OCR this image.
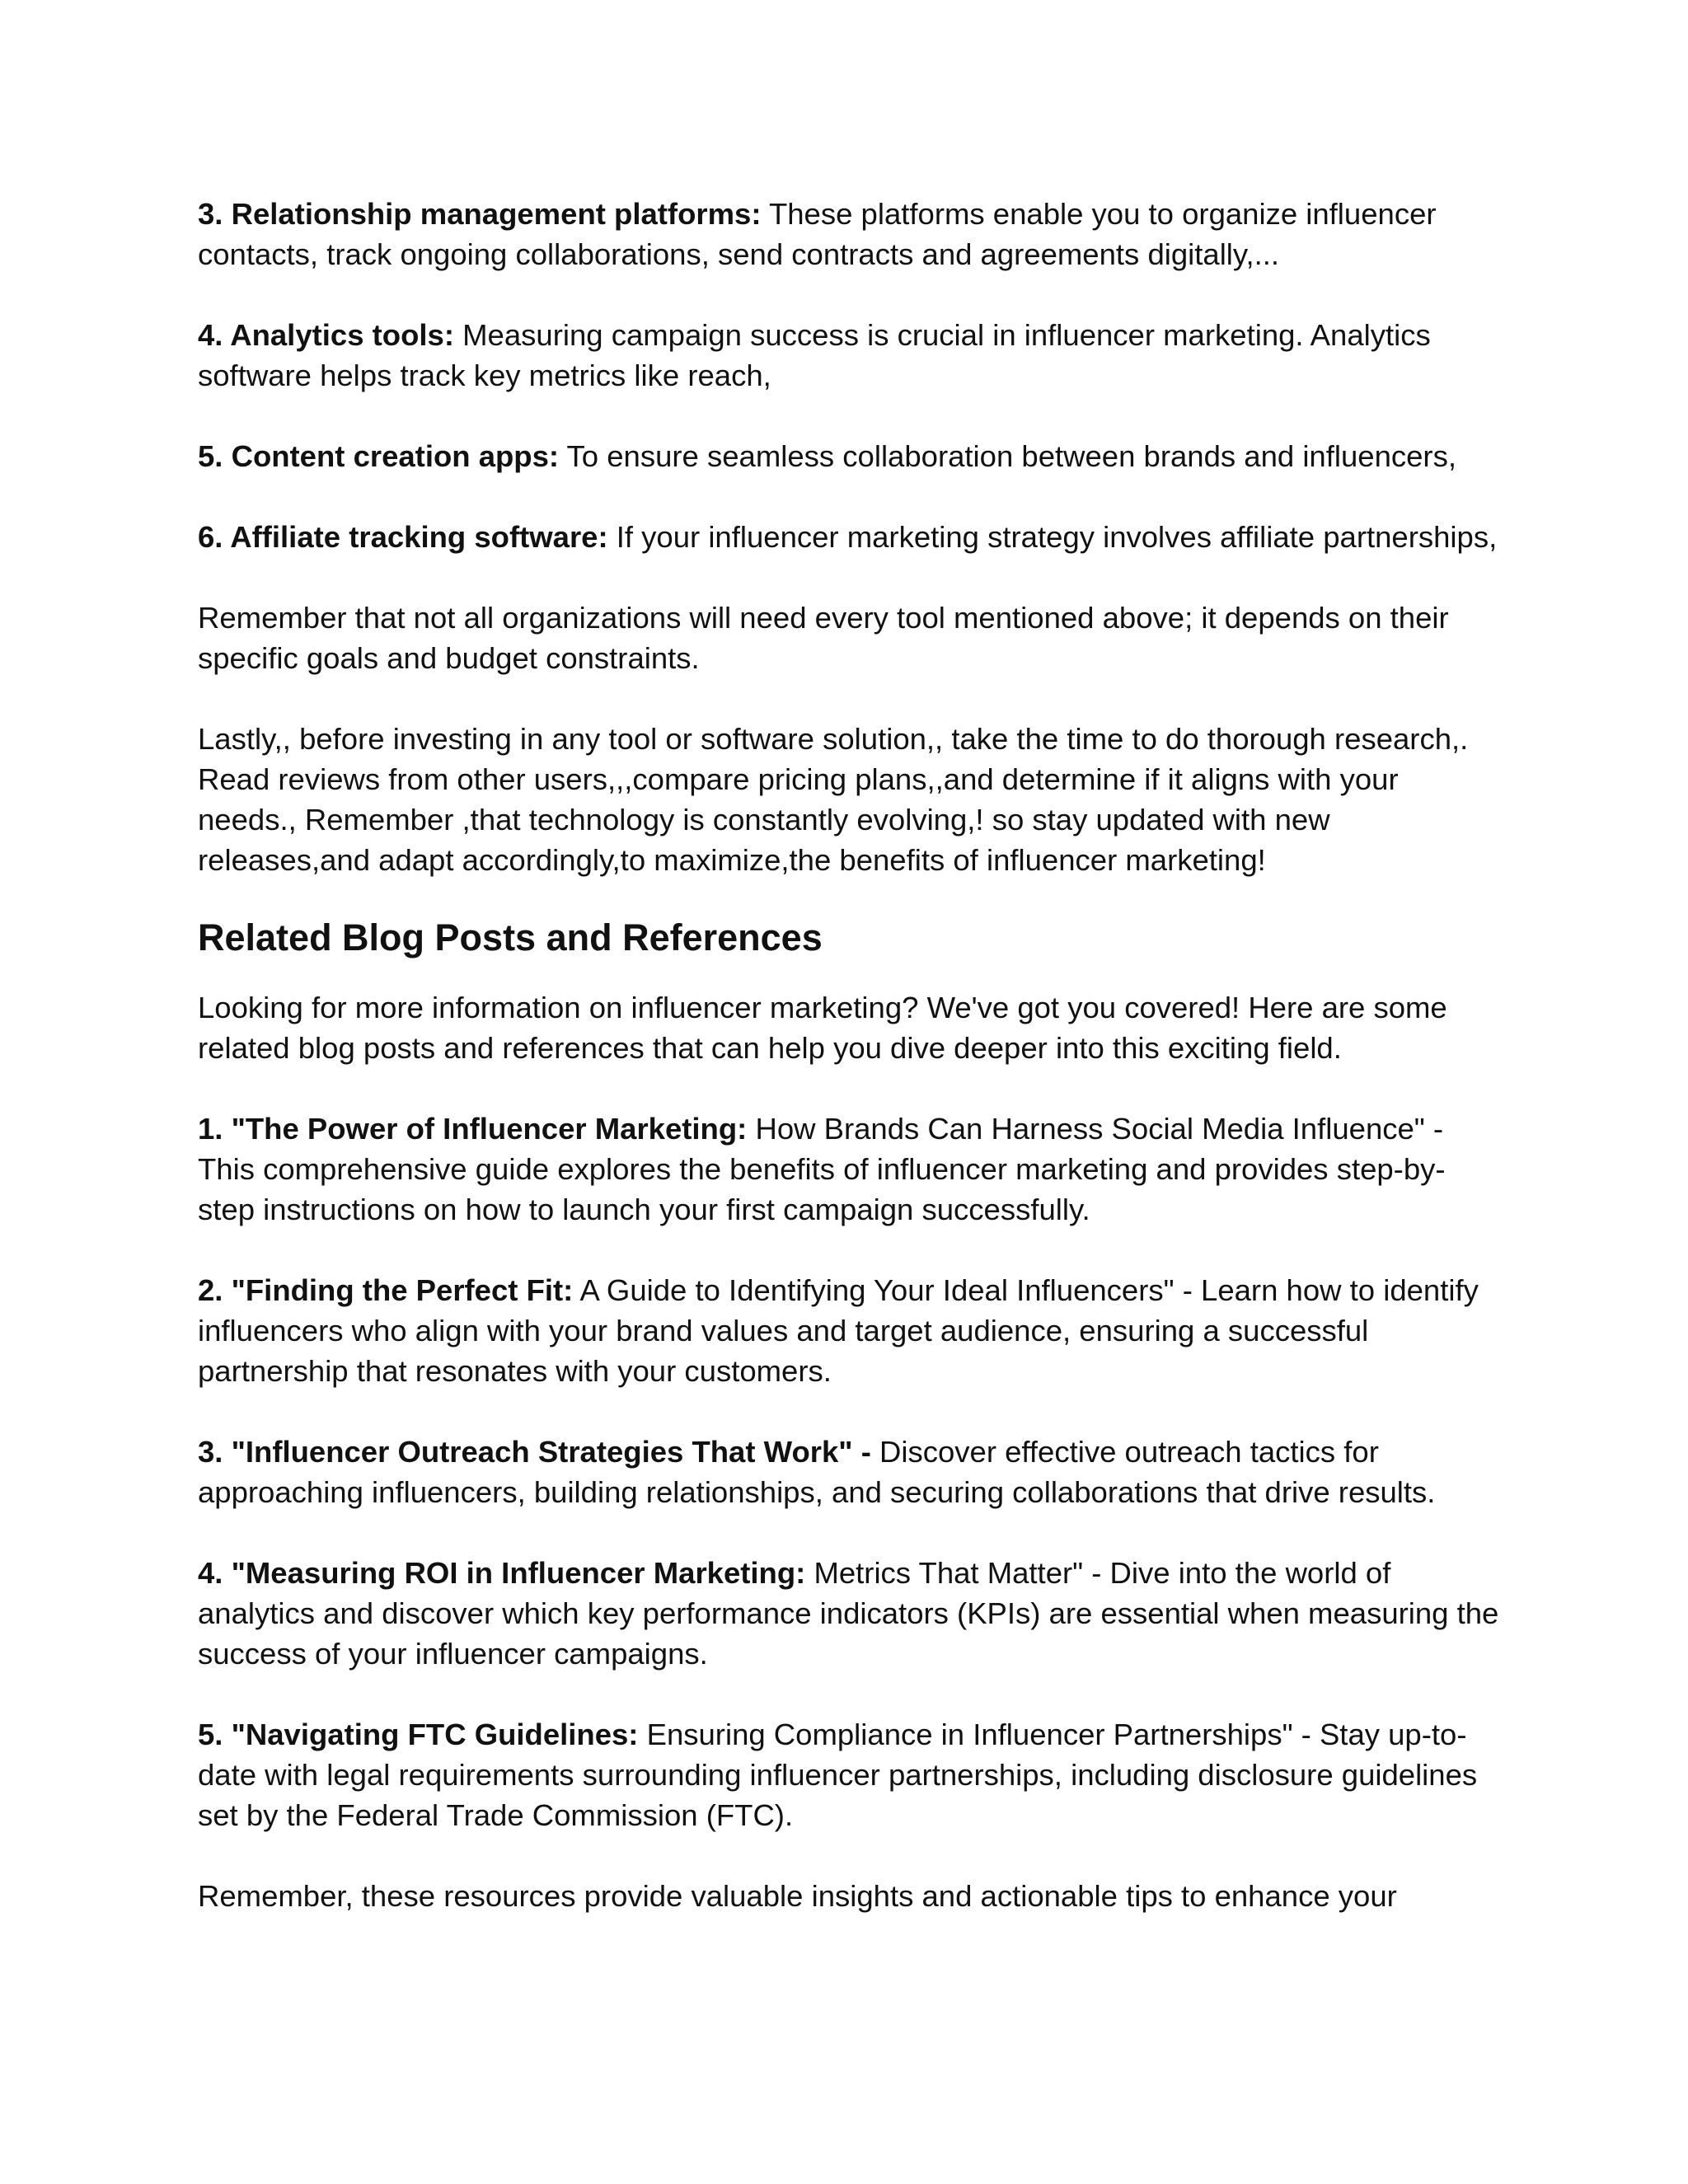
3. Relationship management platforms: These platforms enable you to organize influencer contacts, track ongoing collaborations, send contracts and agreements digitally,...

4. Analytics tools: Measuring campaign success is crucial in influencer marketing. Analytics software helps track key metrics like reach,

5. Content creation apps: To ensure seamless collaboration between brands and influencers,

6. Affiliate tracking software: If your influencer marketing strategy involves affiliate partnerships,

Remember that not all organizations will need every tool mentioned above; it depends on their specific goals and budget constraints.

Lastly,, before investing in any tool or software solution,, take the time to do thorough research,. Read reviews from other users,,,compare pricing plans,,and determine if it aligns with your needs., Remember ,that technology is constantly evolving,! so stay updated with new releases,and adapt accordingly,to maximize,the benefits of influencer marketing!

Related Blog Posts and References

Looking for more information on influencer marketing? We've got you covered! Here are some related blog posts and references that can help you dive deeper into this exciting field.

1. "The Power of Influencer Marketing: How Brands Can Harness Social Media Influence" - This comprehensive guide explores the benefits of influencer marketing and provides step-by-step instructions on how to launch your first campaign successfully.

2. "Finding the Perfect Fit: A Guide to Identifying Your Ideal Influencers" - Learn how to identify influencers who align with your brand values and target audience, ensuring a successful partnership that resonates with your customers.

3. "Influencer Outreach Strategies That Work" - Discover effective outreach tactics for approaching influencers, building relationships, and securing collaborations that drive results.

4. "Measuring ROI in Influencer Marketing: Metrics That Matter" - Dive into the world of analytics and discover which key performance indicators (KPIs) are essential when measuring the success of your influencer campaigns.

5. "Navigating FTC Guidelines: Ensuring Compliance in Influencer Partnerships" - Stay up-to-date with legal requirements surrounding influencer partnerships, including disclosure guidelines set by the Federal Trade Commission (FTC).

Remember, these resources provide valuable insights and actionable tips to enhance your
